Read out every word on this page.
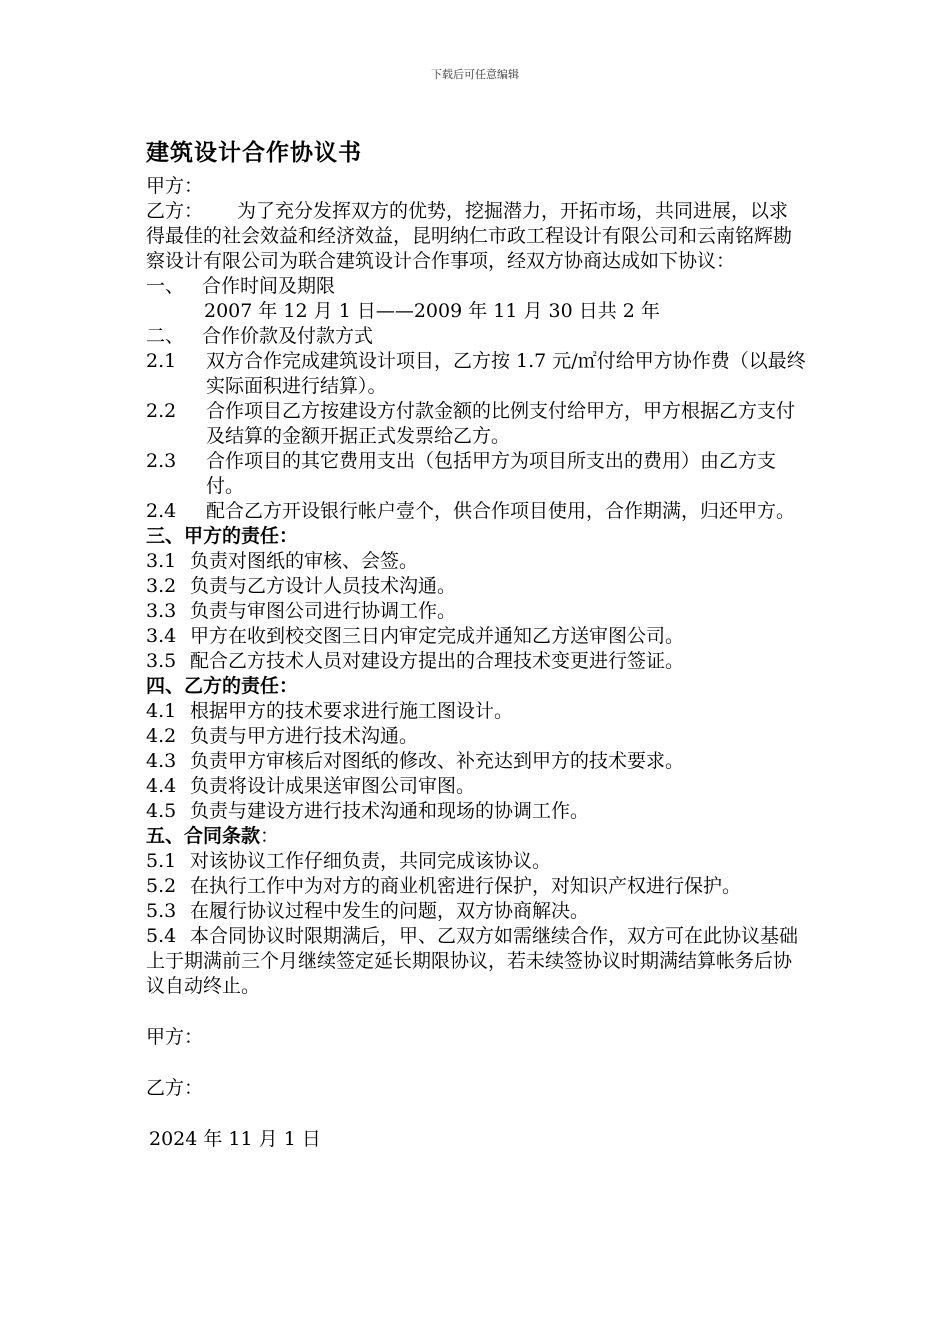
下载后可任意编辑
建筑设计合作协议书
甲方：
乙方： 为了充分发挥双方的优势，挖掘潜力，开拓市场，共同进展，以求得最佳的社会效益和经济效益，昆明纳仁市政工程设计有限公司和云南铭辉勘察设计有限公司为联合建筑设计合作事项，经双方协商达成如下协议：
一、 合作时间及期限
2007 年 12 月 1 日——2009 年 11 月 30 日共 2 年
二、 合作价款及付款方式
2.1	双方合作完成建筑设计项目，乙方按 1.7 元/㎡付给甲方协作费（以最终实际面积进行结算）。
2.2	合作项目乙方按建设方付款金额的比例支付给甲方，甲方根据乙方支付及结算的金额开据正式发票给乙方。
2.3	合作项目的其它费用支出（包括甲方为项目所支出的费用）由乙方支付。
2.4	配合乙方开设银行帐户壹个，供合作项目使用，合作期满，归还甲方。
三、甲方的责任：
3.1 负责对图纸的审核、会签。
3.2 负责与乙方设计人员技术沟通。
3.3 负责与审图公司进行协调工作。
3.4 甲方在收到校交图三日内审定完成并通知乙方送审图公司。
3.5 配合乙方技术人员对建设方提出的合理技术变更进行签证。
四、乙方的责任：
4.1 根据甲方的技术要求进行施工图设计。
4.2 负责与甲方进行技术沟通。
4.3 负责甲方审核后对图纸的修改、补充达到甲方的技术要求。
4.4 负责将设计成果送审图公司审图。
4.5 负责与建设方进行技术沟通和现场的协调工作。
五、合同条款：
5.1 对该协议工作仔细负责，共同完成该协议。
5.2 在执行工作中为对方的商业机密进行保护，对知识产权进行保护。
5.3 在履行协议过程中发生的问题，双方协商解决。
5.4 本合同协议时限期满后，甲、乙双方如需继续合作，双方可在此协议基础上于期满前三个月继续签定延长期限协议，若未续签协议时期满结算帐务后协议自动终止。
甲方：
乙方：
2024 年 11 月 1 日
